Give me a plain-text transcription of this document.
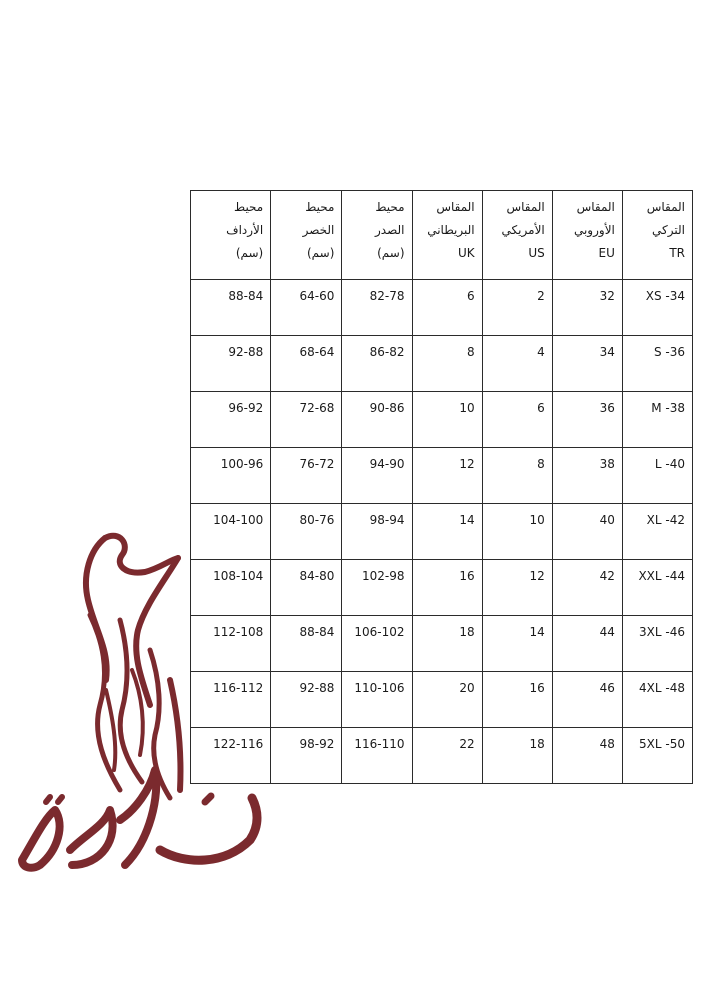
المقاس
التركي
TR	المقاس
الأوروبي
EU	المقاس
الأمريكي
US	المقاس
البريطاني
UK	محيط
الصدر
(سم)	محيط
الخصر
(سم)	محيط
الأرداف
(سم)

XS -34	32	2	6	82-78	64-60	88-84
S -36	34	4	8	86-82	68-64	92-88
M -38	36	6	10	90-86	72-68	96-92
L -40	38	8	12	94-90	76-72	100-96
XL -42	40	10	14	98-94	80-76	104-100
XXL -44	42	12	16	102-98	84-80	108-104
3XL -46	44	14	18	106-102	88-84	112-108
4XL -48	46	16	20	110-106	92-88	116-112
5XL -50	48	18	22	116-110	98-92	122-116
